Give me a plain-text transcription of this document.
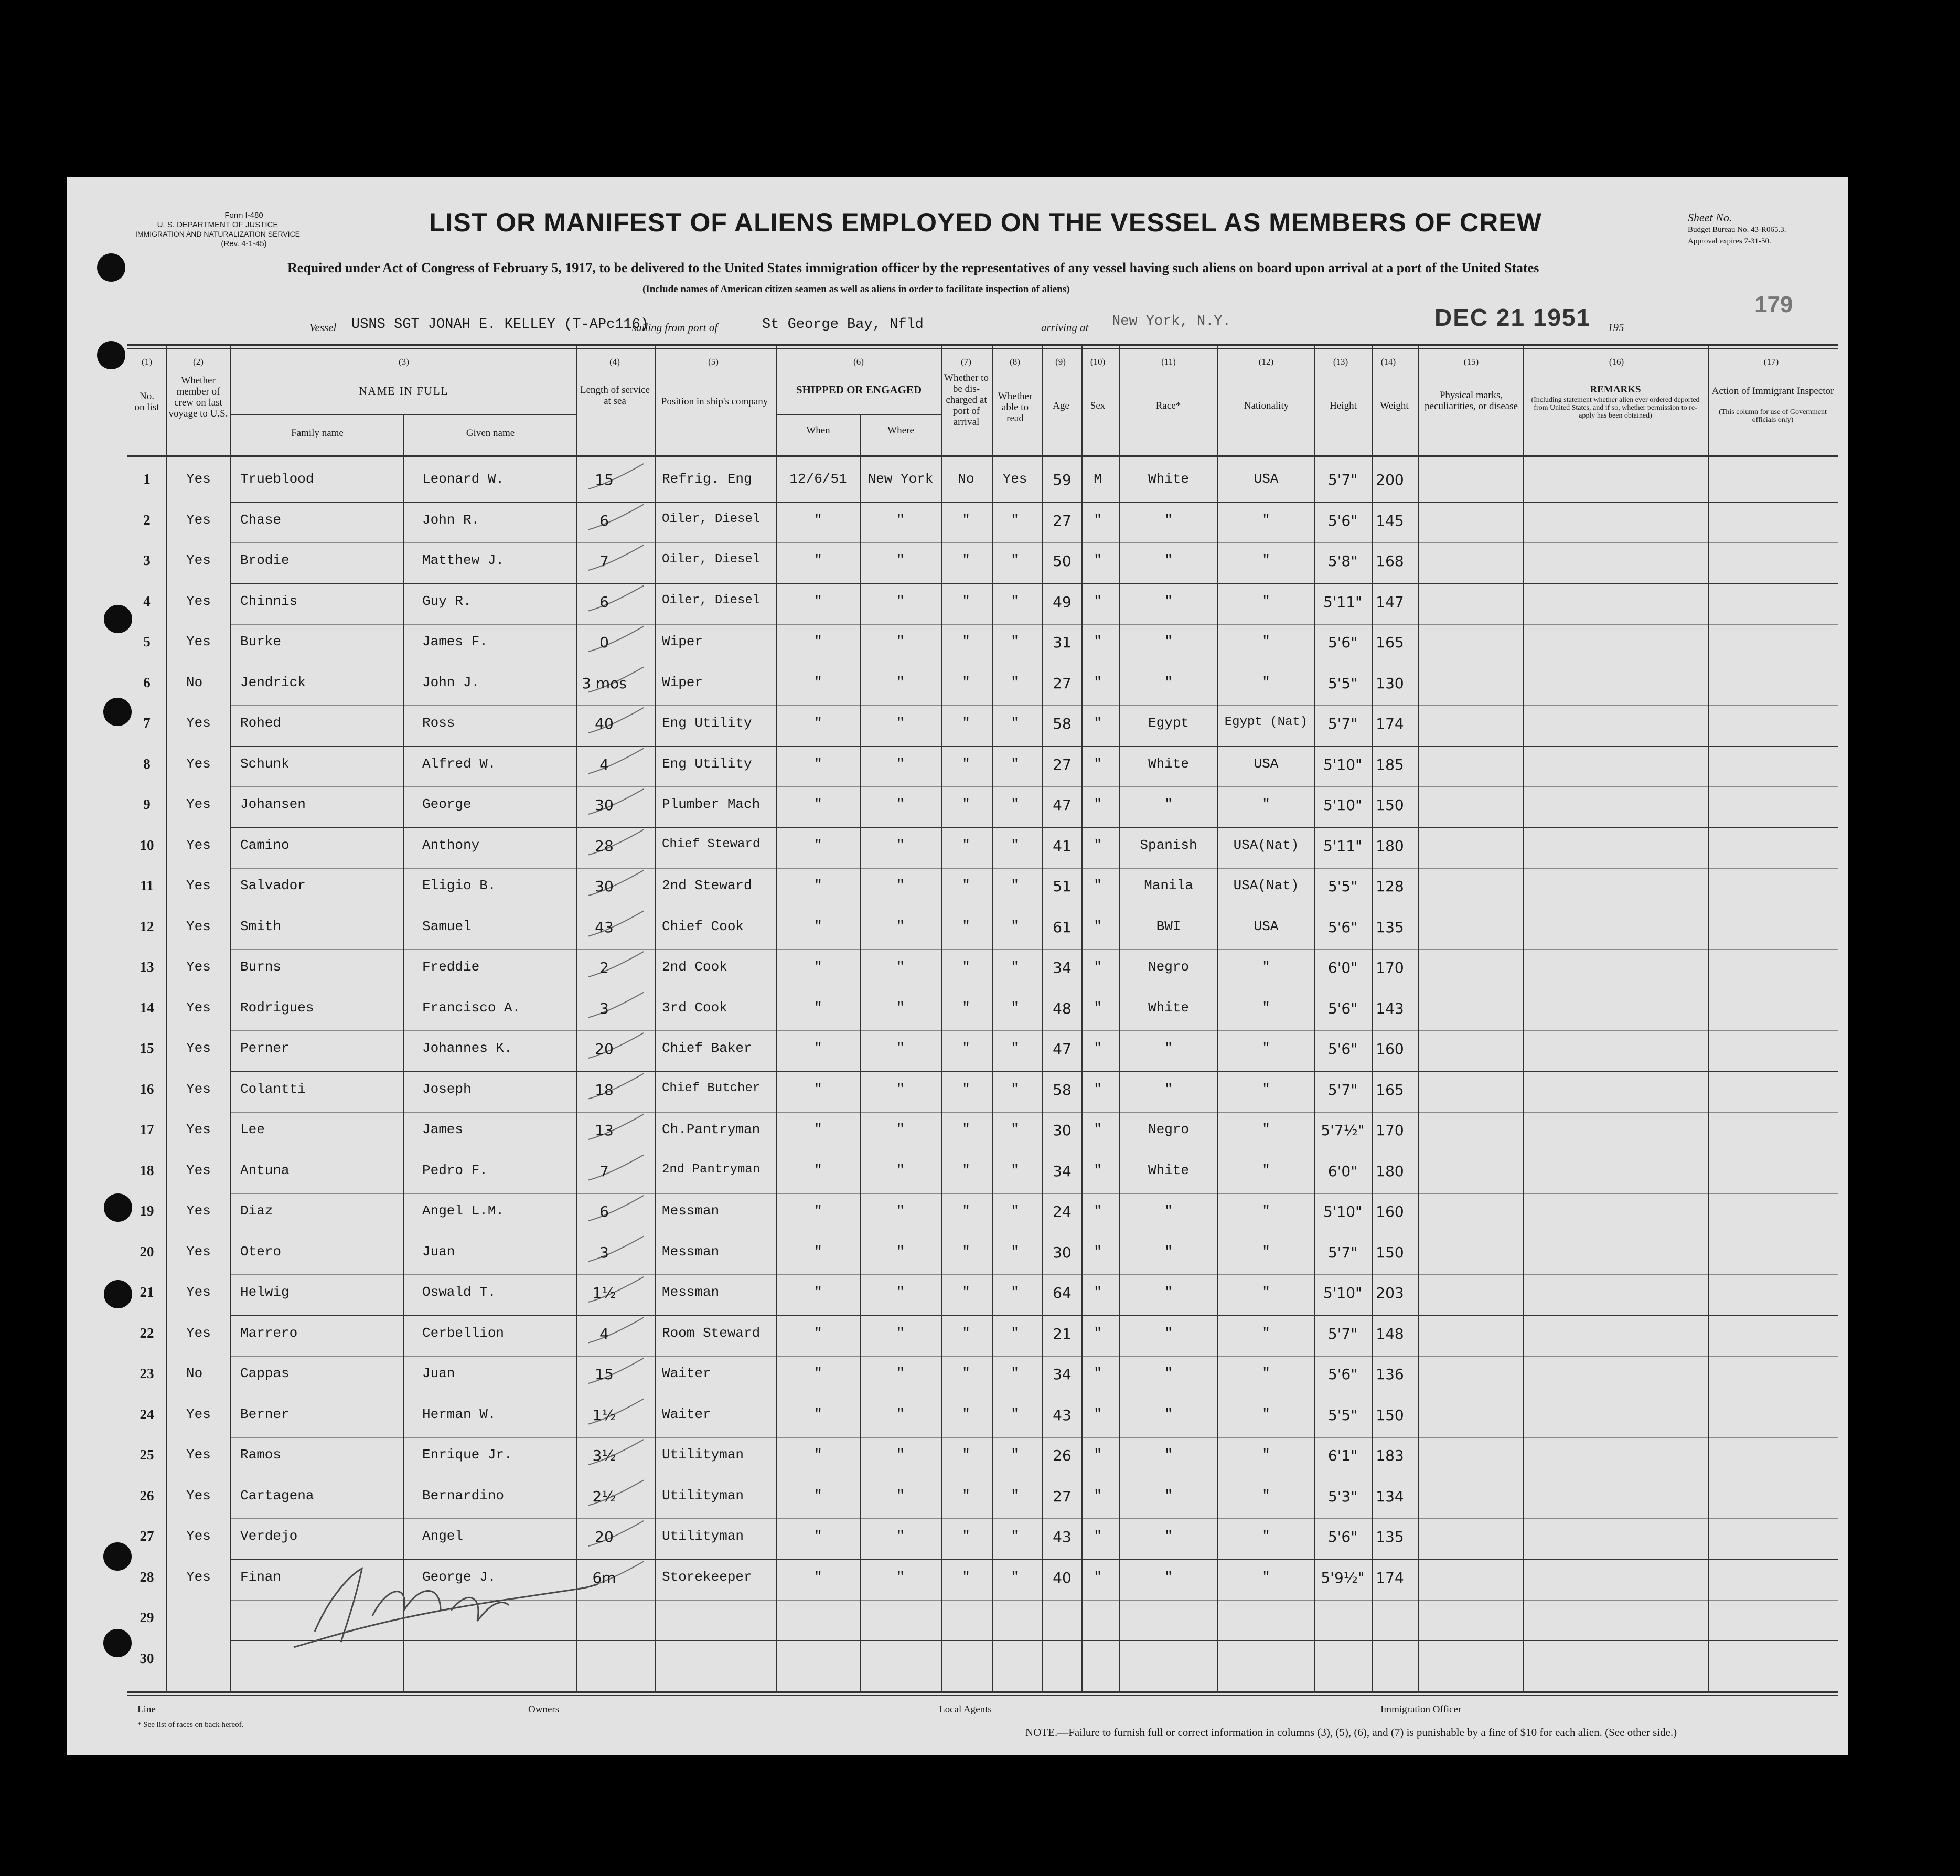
Form I-480
U. S. DEPARTMENT OF JUSTICE
IMMIGRATION AND NATURALIZATION SERVICE
(Rev. 4-1-45)
LIST OR MANIFEST OF ALIENS EMPLOYED ON THE VESSEL AS MEMBERS OF CREW
Required under Act of Congress of February 5, 1917, to be delivered to the United States immigration officer by the representatives of any vessel having such aliens on board upon arrival at a port of the United States
(Include names of American citizen seamen as well as aliens in order to facilitate inspection of aliens)
Sheet No.
Budget Bureau No. 43-R065.3.
Approval expires 7-31-50.
Vessel USNS SGT JONAH E. KELLEY (T-APc116)
sailing from port of	St George Bay, Nfld	arriving at New York, N.Y.	DEC 21 1951 195
179
(1)	(2)	(3)	(4)	(5)	(6)	(7)	(8)	(9)	(10)	(11)	(12)	(13)	(14)	(15)	(16)	(17)
No. on list
Whether member of crew on last voyage to U.S.
NAME IN FULL
Family name	Given name
Length of service at sea	Position in ship's company
SHIPPED OR ENGAGED
When	Where
Whether to be dis-charged at port of arrival
Whether able to read
Age	Sex	Race*	Nationality	Height	Weight
Physical marks, peculiarities, or disease
REMARKS
(Including statement whether alien ever ordered deported from United States, and if so, whether permission to re-apply has been obtained)
Action of Immigrant Inspector
(This column for use of Government officials only)
1	Yes Trueblood	Leonard W.	15	Refrig. Eng	12/6/51	New York	No	Yes	59	M	White	USA	5'7"	200
2	Yes Chase	John R.	6	Oiler, Diesel	"	"	"	"	27	"	"	"	5'6"	145
3	Yes Brodie	Matthew J.	7	Oiler, Diesel	"	"	"	"	50	"	"	"	5'8"	168
4	Yes Chinnis	Guy R.	6	Oiler, Diesel	"	"	"	"	49	"	"	"	5'11" 147
5	Yes Burke	James F.	0	Wiper	"	"	"	"	31	"	"	"	5'6"	165
6	No	Jendrick	John J.	3 mos	Wiper	"	"	"	"	27	"	"	"	5'5"	130
7	Yes Rohed	Ross	40	Eng Utility	"	"	"	"	58	"	Egypt	Egypt (Nat)	5'7"	174
8	Yes Schunk	Alfred W.	4	Eng Utility	"	"	"	"	27	"	White	USA	5'10" 185
9	Yes Johansen	George	30	Plumber Mach	"	"	"	"	47	"	"	"	5'10" 150
10	Yes Camino	Anthony	28	Chief Steward	"	"	"	"	41	"	Spanish	USA(Nat)	5'11" 180
11	Yes Salvador	Eligio B.	30	2nd Steward	"	"	"	"	51	"	Manila	USA(Nat)	5'5"	128
12	Yes Smith	Samuel	43	Chief Cook	"	"	"	"	61	"	BWI	USA	5'6"	135
13	Yes Burns	Freddie	2	2nd Cook	"	"	"	"	34	"	Negro	"	6'0"	170
14	Yes Rodrigues	Francisco A.	3	3rd Cook	"	"	"	"	48	"	White	"	5'6"	143
15	Yes Perner	Johannes K.	20	Chief Baker	"	"	"	"	47	"	"	"	5'6"	160
16	Yes Colantti	Joseph	18	Chief Butcher	"	"	"	"	58	"	"	"	5'7"	165
17	Yes Lee	James	13	Ch.Pantryman	"	"	"	"	30	"	Negro	"	5'7½" 170
18	Yes Antuna	Pedro F.	7	2nd Pantryman	"	"	"	"	34	"	White	"	6'0"	180
19	Yes Diaz	Angel L.M.	6	Messman	"	"	"	"	24	"	"	"	5'10" 160
20	Yes Otero	Juan	3	Messman	"	"	"	"	30	"	"	"	5'7"	150
21	Yes Helwig	Oswald T.	1½	Messman	"	"	"	"	64	"	"	"	5'10" 203
22	Yes Marrero	Cerbellion	4	Room Steward	"	"	"	"	21	"	"	"	5'7"	148
23	No	Cappas	Juan	15	Waiter	"	"	"	"	34	"	"	"	5'6"	136
24	Yes Berner	Herman W.	1½	Waiter	"	"	"	"	43	"	"	"	5'5"	150
25	Yes Ramos	Enrique Jr.	3½	Utilityman	"	"	"	"	26	"	"	"	6'1"	183
26	Yes Cartagena	Bernardino	2½	Utilityman	"	"	"	"	27	"	"	"	5'3"	134
27	Yes Verdejo	Angel	20	Utilityman	"	"	"	"	43	"	"	"	5'6"	135
28	Yes Finan	George J.	6m	Storekeeper	"	"	"	"	40	"	"	"	5'9½" 174
29
30
Line	Owners	Local Agents	Immigration Officer
* See list of races on back hereof.
NOTE.—Failure to furnish full or correct information in columns (3), (5), (6), and (7) is punishable by a fine of $10 for each alien. (See other side.)
